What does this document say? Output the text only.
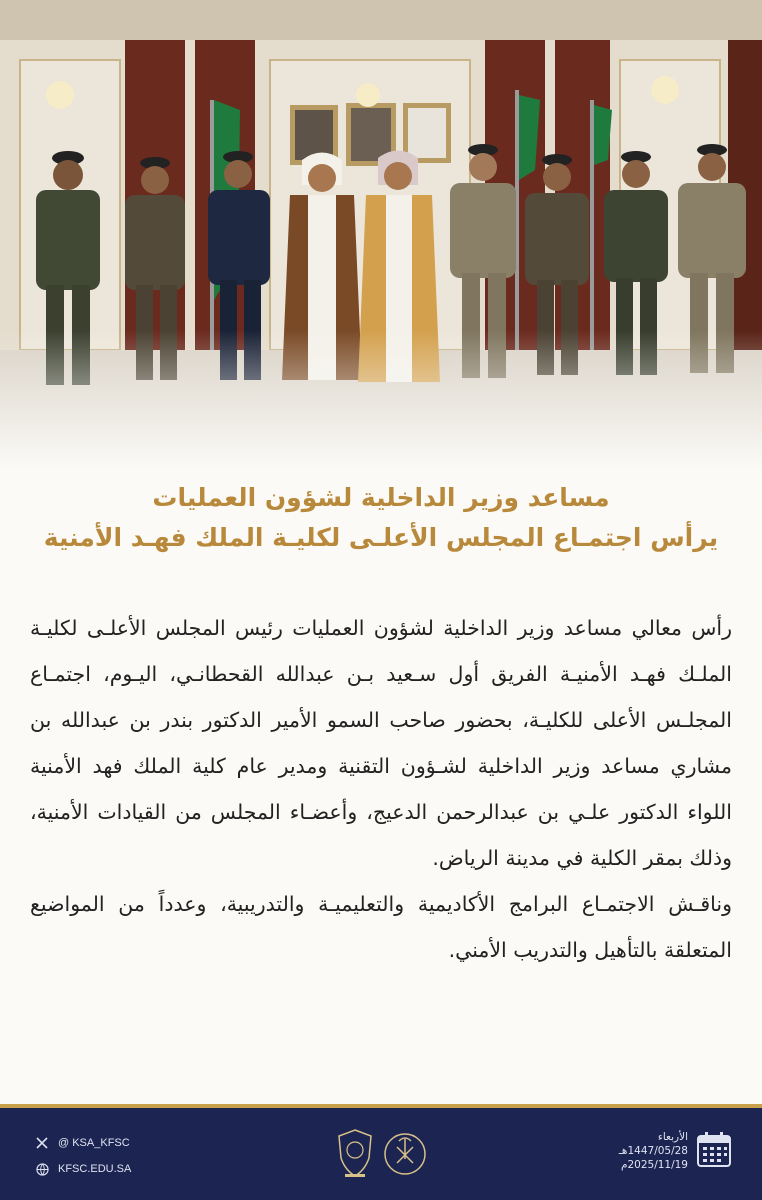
مساعد وزير الداخلية لشؤون العمليات
يرأس اجتمـاع المجلس الأعلـى لكليـة الملك فهـد الأمنية

رأس معالي مساعد وزير الداخلية لشؤون العمليات رئيس المجلس الأعلـى لكليـة الملـك فهـد الأمنيـة الفريق أول سـعيد بـن عبدالله القحطانـي، اليـوم، اجتمـاع المجلـس الأعلى للكليـة، بحضور صاحب السمو الأمير الدكتور بندر بن عبدالله بن مشاري مساعد وزير الداخلية لشـؤون التقنية ومدير عام كلية الملك فهد الأمنية اللواء الدكتور علـي بن عبدالرحمن الدعيج، وأعضـاء المجلس من القيادات الأمنية، وذلك بمقر الكلية في مدينة الرياض.

وناقـش الاجتمـاع البرامج الأكاديمية والتعليميـة والتدريبية، وعدداً من المواضيع المتعلقة بالتأهيل والتدريب الأمني.

@ KSA_KFSC
KFSC.EDU.SA
الأربعاء
1447/05/28هـ
2025/11/19م
